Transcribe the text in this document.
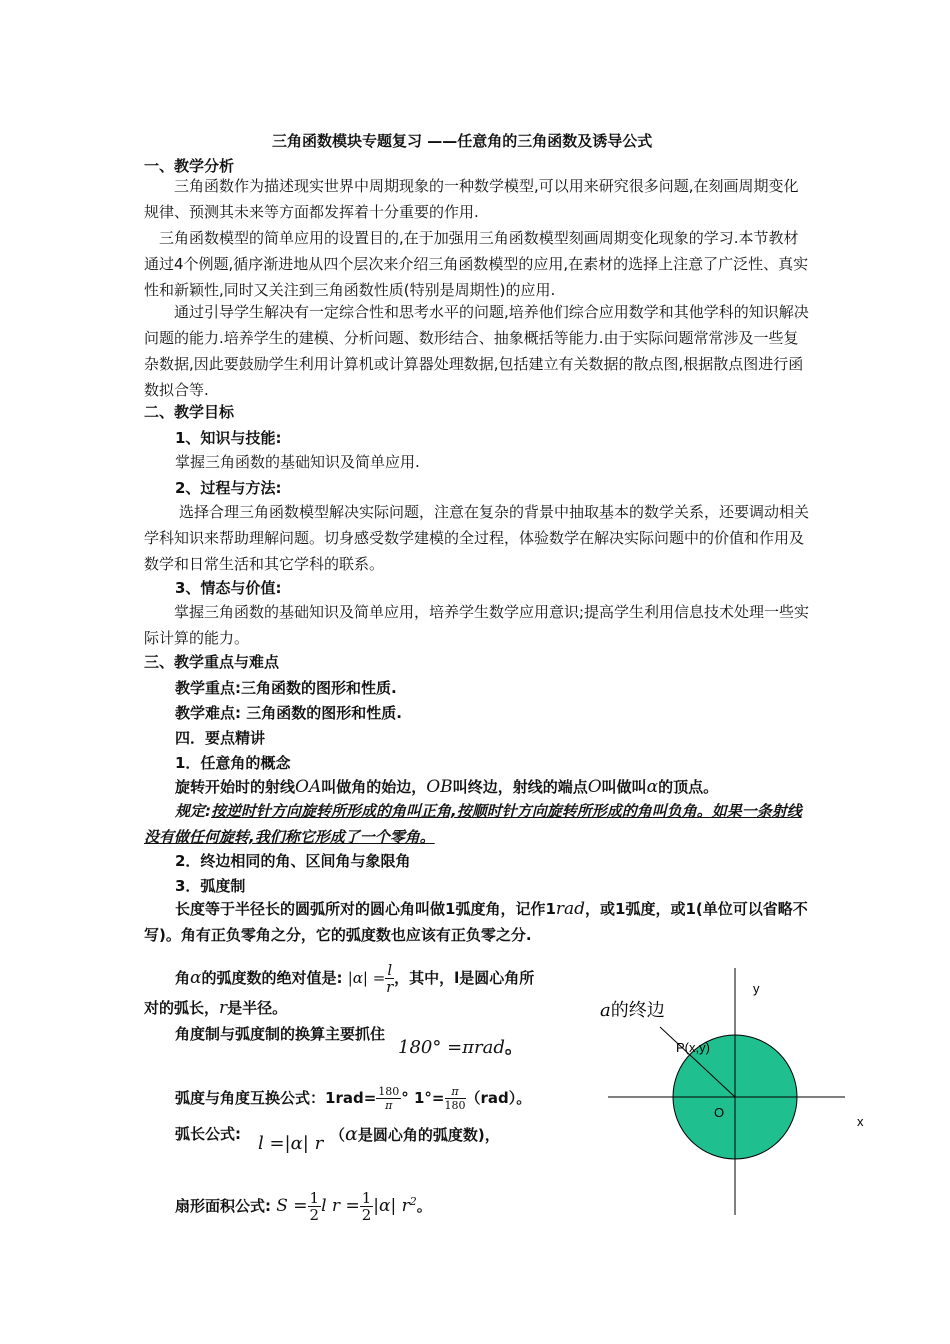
三角函数模块专题复习 ——任意角的三角函数及诱导公式
一、教学分析
三角函数作为描述现实世界中周期现象的一种数学模型,可以用来研究很多问题,在刻画周期变化规律、预测其未来等方面都发挥着十分重要的作用.
三角函数模型的简单应用的设置目的,在于加强用三角函数模型刻画周期变化现象的学习.本节教材通过4个例题,循序渐进地从四个层次来介绍三角函数模型的应用,在素材的选择上注意了广泛性、真实性和新颖性,同时又关注到三角函数性质(特别是周期性)的应用.
通过引导学生解决有一定综合性和思考水平的问题,培养他们综合应用数学和其他学科的知识解决问题的能力.培养学生的建模、分析问题、数形结合、抽象概括等能力.由于实际问题常常涉及一些复杂数据,因此要鼓励学生利用计算机或计算器处理数据,包括建立有关数据的散点图,根据散点图进行函数拟合等.
二、教学目标
1、知识与技能:
掌握三角函数的基础知识及简单应用.
2、过程与方法:
选择合理三角函数模型解决实际问题，注意在复杂的背景中抽取基本的数学关系，还要调动相关学科知识来帮助理解问题。切身感受数学建模的全过程，体验数学在解决实际问题中的价值和作用及数学和日常生活和其它学科的联系。
3、情态与价值:
掌握三角函数的基础知识及简单应用，培养学生数学应用意识;提高学生利用信息技术处理一些实际计算的能力。
三、教学重点与难点
教学重点:三角函数的图形和性质.
教学难点: 三角函数的图形和性质.
四．要点精讲
1．任意角的概念
旋转开始时的射线OA叫做角的始边，OB叫终边，射线的端点O叫做叫α的顶点。
规定:按逆时针方向旋转所形成的角叫正角,按顺时针方向旋转所形成的角叫负角。如果一条射线没有做任何旋转,我们称它形成了一个零角。
2．终边相同的角、区间角与象限角
3．弧度制
长度等于半径长的圆弧所对的圆心角叫做1弧度角，记作1rad，或1弧度，或1(单位可以省略不写)。角有正负零角之分，它的弧度数也应该有正负零之分.
角α的弧度数的绝对值是: $|\alpha| = \frac{l}{r}$ ，其中，l是圆心角所
对的弧长，r是半径。
角度制与弧度制的换算主要抓住
180° =πrad。
弧度与角度互换公式：$1rad= \frac{180}{\pi}$ ° $1^\circ= \frac{\pi}{180} (rad)$。
弧长公式: l =|α| r （α是圆心角的弧度数)，
扇形面积公式: $S = \frac{1}{2}$ l $r = \frac{1}{2} |\alpha|$ $r^2$。
y
x
O
P(x,y)
a的终边
